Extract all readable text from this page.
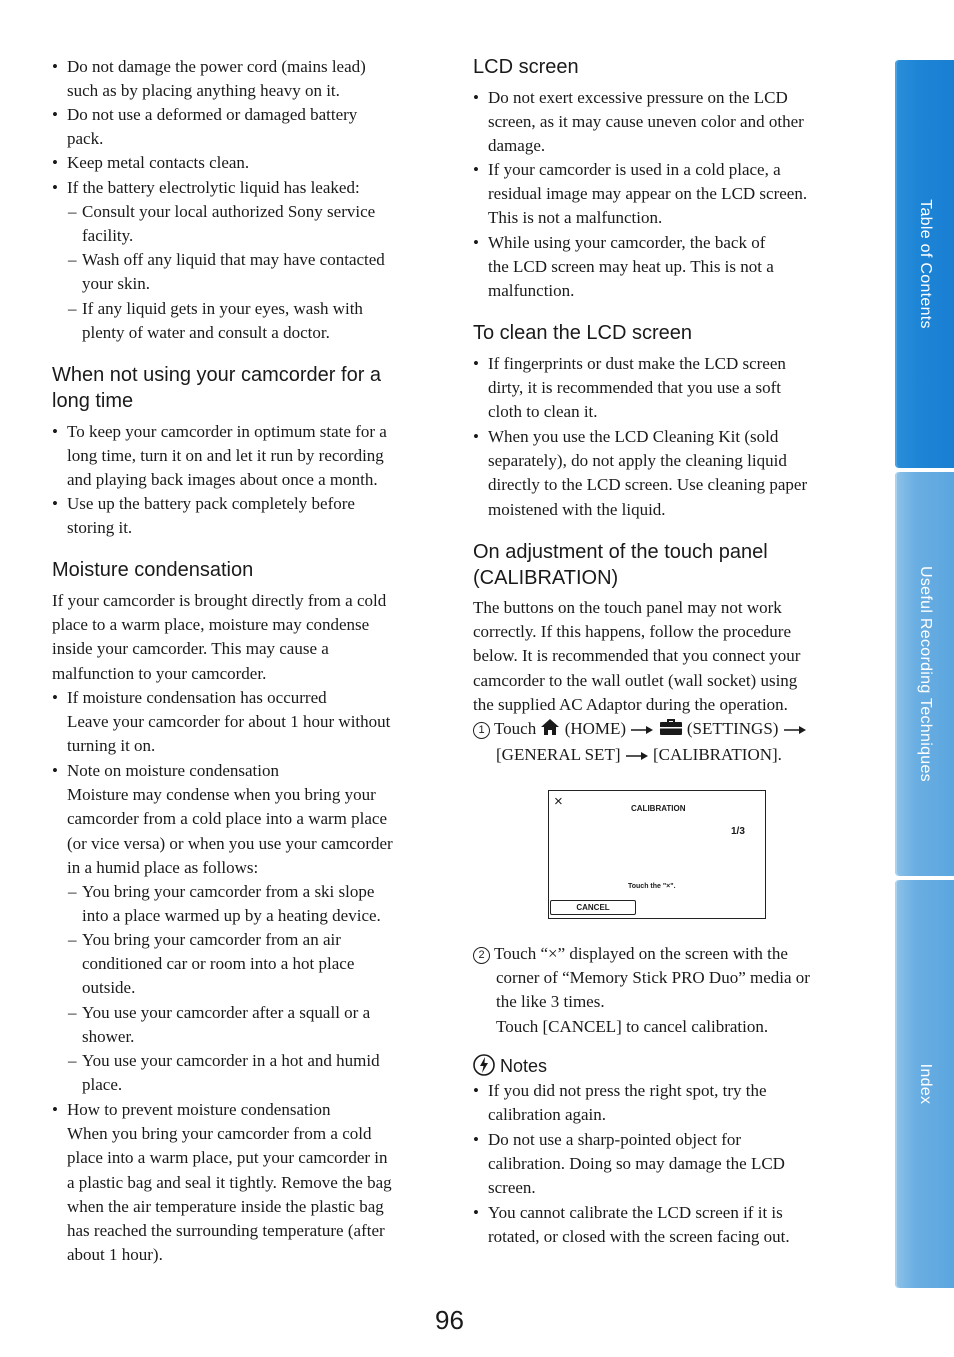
• Do not damage the power cord (mains lead)
such as by placing anything heavy on it.
• Do not use a deformed or damaged battery
pack.
• Keep metal contacts clean.
• If the battery electrolytic liquid has leaked:
– Consult your local authorized Sony service
facility.
– Wash off any liquid that may have contacted
your skin.
– If any liquid gets in your eyes, wash with
plenty of water and consult a doctor.
When not using your camcorder for a
long time
• To keep your camcorder in optimum state for a
long time, turn it on and let it run by recording
and playing back images about once a month.
• Use up the battery pack completely before
storing it.
Moisture condensation
If your camcorder is brought directly from a cold
place to a warm place, moisture may condense
inside your camcorder. This may cause a
malfunction to your camcorder.
• If moisture condensation has occurred
Leave your camcorder for about 1 hour without
turning it on.
• Note on moisture condensation
Moisture may condense when you bring your
camcorder from a cold place into a warm place
(or vice versa) or when you use your camcorder
in a humid place as follows:
– You bring your camcorder from a ski slope
into a place warmed up by a heating device.
– You bring your camcorder from an air
conditioned car or room into a hot place
outside.
– You use your camcorder after a squall or a
shower.
– You use your camcorder in a hot and humid
place.
• How to prevent moisture condensation
When you bring your camcorder from a cold
place into a warm place, put your camcorder in
a plastic bag and seal it tightly. Remove the bag
when the air temperature inside the plastic bag
has reached the surrounding temperature (after
about 1 hour).
LCD screen
• Do not exert excessive pressure on the LCD
screen, as it may cause uneven color and other
damage.
• If your camcorder is used in a cold place, a
residual image may appear on the LCD screen.
This is not a malfunction.
• While using your camcorder, the back of
the LCD screen may heat up. This is not a
malfunction.
To clean the LCD screen
• If fingerprints or dust make the LCD screen
dirty, it is recommended that you use a soft
cloth to clean it.
• When you use the LCD Cleaning Kit (sold
separately), do not apply the cleaning liquid
directly to the LCD screen. Use cleaning paper
moistened with the liquid.
On adjustment of the touch panel
(CALIBRATION)
The buttons on the touch panel may not work
correctly. If this happens, follow the procedure
below. It is recommended that you connect your
camcorder to the wall outlet (wall socket) using
the supplied AC Adaptor during the operation.
1 Touch (HOME)	(SETTINGS)
[GENERAL SET] [CALIBRATION].
2 Touch “×” displayed on the screen with the
corner of “Memory Stick PRO Duo” media or
the like 3 times.
Touch [CANCEL] to cancel calibration.
Notes
• If you did not press the right spot, try the
calibration again.
• Do not use a sharp-pointed object for
calibration. Doing so may damage the LCD
screen.
• You cannot calibrate the LCD screen if it is
rotated, or closed with the screen facing out.
×	CALIBRATION
1/3
Touch the "×".
CANCEL
Table of Contents
Useful Recording Techniques
Index
96
